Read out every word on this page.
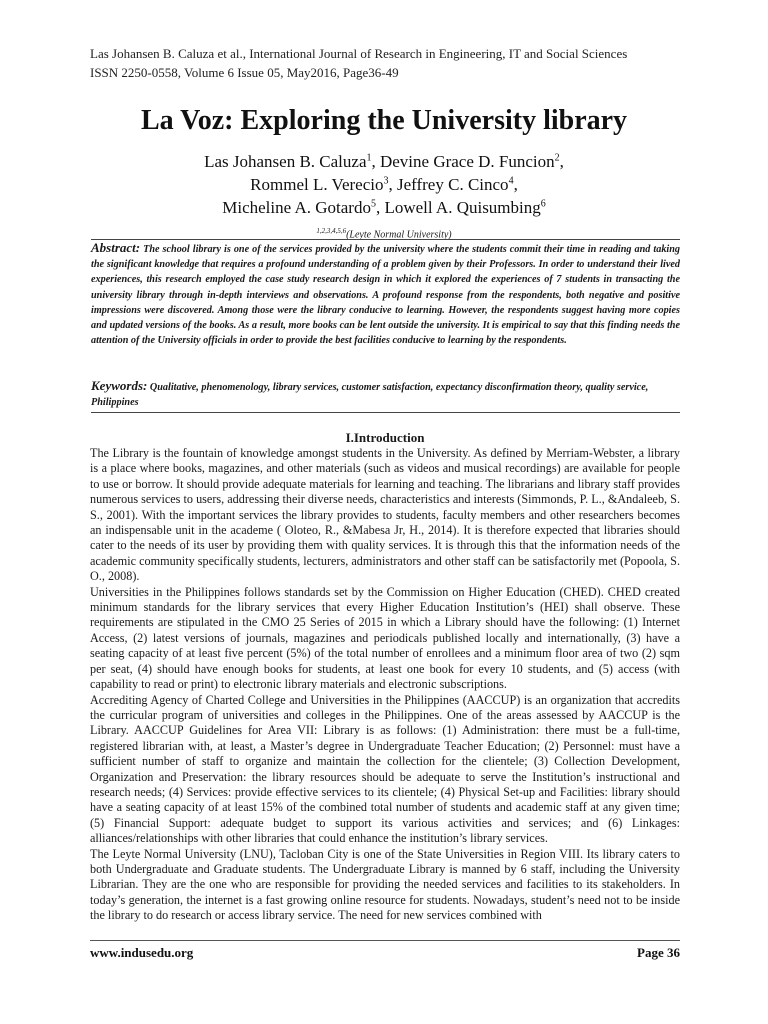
Las Johansen B. Caluza et al., International Journal of Research in Engineering, IT and Social Sciences
ISSN 2250-0558, Volume 6 Issue 05, May2016, Page36-49
La Voz: Exploring the University library
Las Johansen B. Caluza$^1$, Devine Grace D. Funcion$^2$,
Rommel L. Verecio$^3$, Jeffrey C. Cinco$^4$,
Micheline A. Gotardo$^5$, Lowell A. Quisumbing$^6$
$^{1,2,3,4,5,6}$(Leyte Normal University)
Abstract: The school library is one of the services provided by the university where the students commit their time in reading and taking the significant knowledge that requires a profound understanding of a problem given by their Professors. In order to understand their lived experiences, this research employed the case study research design in which it explored the experiences of 7 students in transacting the university library through in-depth interviews and observations. A profound response from the respondents, both negative and positive impressions were discovered. Among those were the library conducive to learning. However, the respondents suggest having more copies and updated versions of the books. As a result, more books can be lent outside the university. It is empirical to say that this finding needs the attention of the University officials in order to provide the best facilities conducive to learning by the respondents.
Keywords: Qualitative, phenomenology, library services, customer satisfaction, expectancy disconfirmation theory, quality service, Philippines
I.Introduction

The Library is the fountain of knowledge amongst students in the University. As defined by Merriam-Webster, a library is a place where books, magazines, and other materials (such as videos and musical recordings) are available for people to use or borrow. It should provide adequate materials for learning and teaching. The librarians and library staff provides numerous services to users, addressing their diverse needs, characteristics and interests (Simmonds, P. L., &Andaleeb, S. S., 2001). With the important services the library provides to students, faculty members and other researchers becomes an indispensable unit in the academe ( Oloteo, R., &Mabesa Jr, H., 2014). It is therefore expected that libraries should cater to the needs of its user by providing them with quality services. It is through this that the information needs of the academic community specifically students, lecturers, administrators and other staff can be satisfactorily met (Popoola, S. O., 2008).

Universities in the Philippines follows standards set by the Commission on Higher Education (CHED). CHED created minimum standards for the library services that every Higher Education Institution’s (HEI) shall observe. These requirements are stipulated in the CMO 25 Series of 2015 in which a Library should have the following: (1) Internet Access, (2) latest versions of journals, magazines and periodicals published locally and internationally, (3) have a seating capacity of at least five percent (5%) of the total number of enrollees and a minimum floor area of two (2) sqm per seat, (4) should have enough books for students, at least one book for every 10 students, and (5) access (with capability to read or print) to electronic library materials and electronic subscriptions.

Accrediting Agency of Charted College and Universities in the Philippines (AACCUP) is an organization that accredits the curricular program of universities and colleges in the Philippines. One of the areas assessed by AACCUP is the Library. AACCUP Guidelines for Area VII: Library is as follows: (1) Administration: there must be a full-time, registered librarian with, at least, a Master’s degree in Undergraduate Teacher Education; (2) Personnel: must have a sufficient number of staff to organize and maintain the collection for the clientele; (3) Collection Development, Organization and Preservation: the library resources should be adequate to serve the Institution’s instructional and research needs; (4) Services: provide effective services to its clientele; (4) Physical Set-up and Facilities: library should have a seating capacity of at least 15% of the combined total number of students and academic staff at any given time; (5) Financial Support: adequate budget to support its various activities and services; and (6) Linkages: alliances/relationships with other libraries that could enhance the institution’s library services.

The Leyte Normal University (LNU), Tacloban City is one of the State Universities in Region VIII. Its library caters to both Undergraduate and Graduate students. The Undergraduate Library is manned by 6 staff, including the University Librarian. They are the one who are responsible for providing the needed services and facilities to its stakeholders. In today’s generation, the internet is a fast growing online resource for students. Nowadays, student’s need not to be inside the library to do research or access library service. The need for new services combined with

www.indusedu.org	Page 36
